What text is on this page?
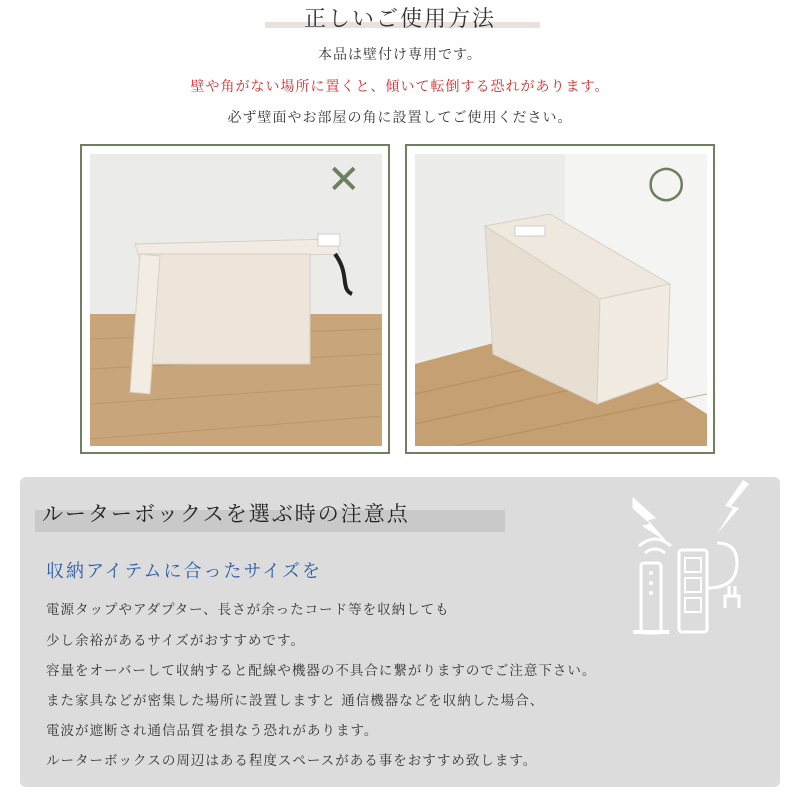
正しいご使用方法
本品は壁付け専用です。
壁や角がない場所に置くと、傾いて転倒する恐れがあります。
必ず壁面やお部屋の角に設置してご使用ください。
✕	○
ルーターボックスを選ぶ時の注意点
収納アイテムに合ったサイズを
電源タップやアダプター、長さが余ったコード等を収納しても
少し余裕があるサイズがおすすめです。
容量をオーバーして収納すると配線や機器の不具合に繋がりますのでご注意下さい。
また家具などが密集した場所に設置しますと 通信機器などを収納した場合、
電波が遮断され通信品質を損なう恐れがあります。
ルーターボックスの周辺はある程度スペースがある事をおすすめ致します。
